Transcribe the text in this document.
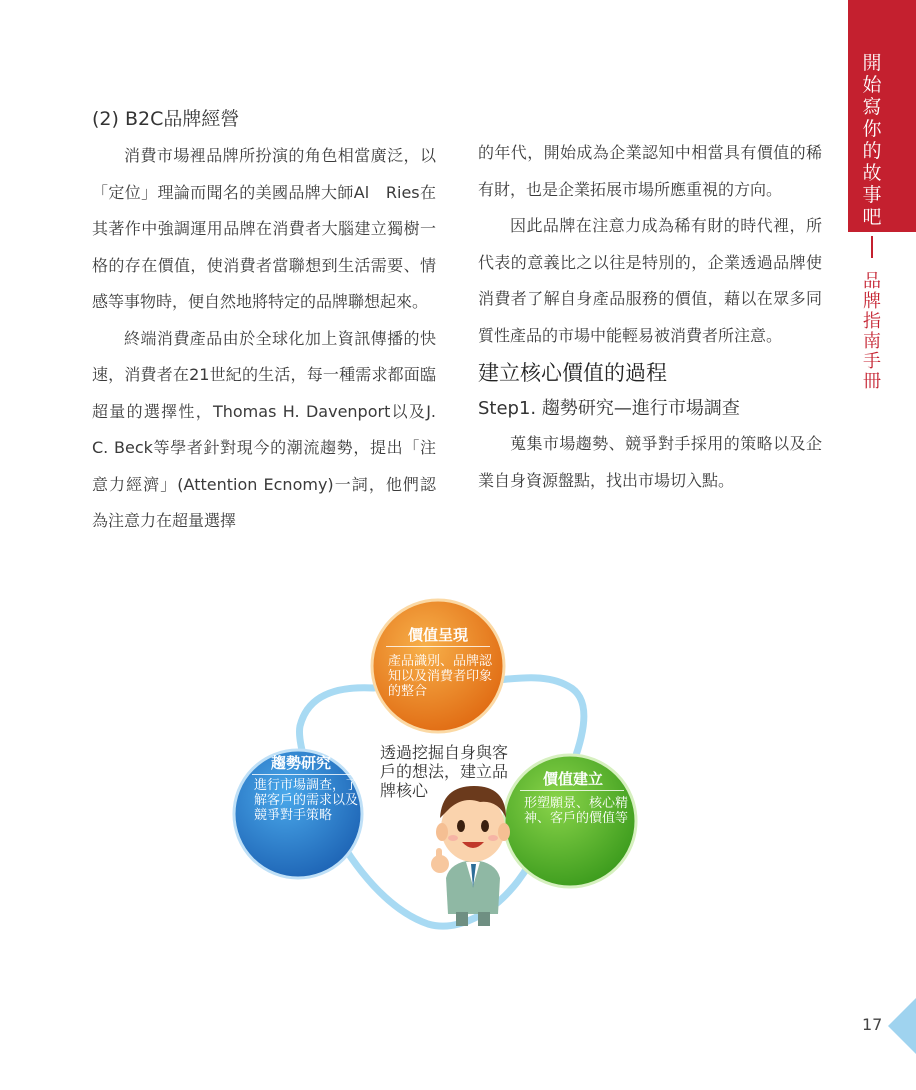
開始寫你的故事吧
品牌指南手冊

(2) B2C品牌經營

消費市場裡品牌所扮演的角色相當廣泛，以「定位」理論而聞名的美國品牌大師Al　Ries在其著作中強調運用品牌在消費者大腦建立獨樹一格的存在價值，使消費者當聯想到生活需要、情感等事物時，便自然地將特定的品牌聯想起來。

終端消費產品由於全球化加上資訊傳播的快速，消費者在21世紀的生活，每一種需求都面臨超量的選擇性，Thomas H. Davenport以及J. C. Beck等學者針對現今的潮流趨勢，提出「注意力經濟」(Attention Ecnomy)一詞，他們認為注意力在超量選擇

的年代，開始成為企業認知中相當具有價值的稀有財，也是企業拓展市場所應重視的方向。

因此品牌在注意力成為稀有財的時代裡，所代表的意義比之以往是特別的，企業透過品牌使消費者了解自身產品服務的價值，藉以在眾多同質性產品的市場中能輕易被消費者所注意。

建立核心價值的過程

Step1. 趨勢研究—進行市場調查

蒐集市場趨勢、競爭對手採用的策略以及企業自身資源盤點，找出市場切入點。

價值呈現
產品識別、品牌認知以及消費者印象的整合
趨勢研究
進行市場調查，了解客戶的需求以及競爭對手策略
價值建立
形塑願景、核心精神、客戶的價值等
透過挖掘自身與客戶的想法，建立品牌核心
17
